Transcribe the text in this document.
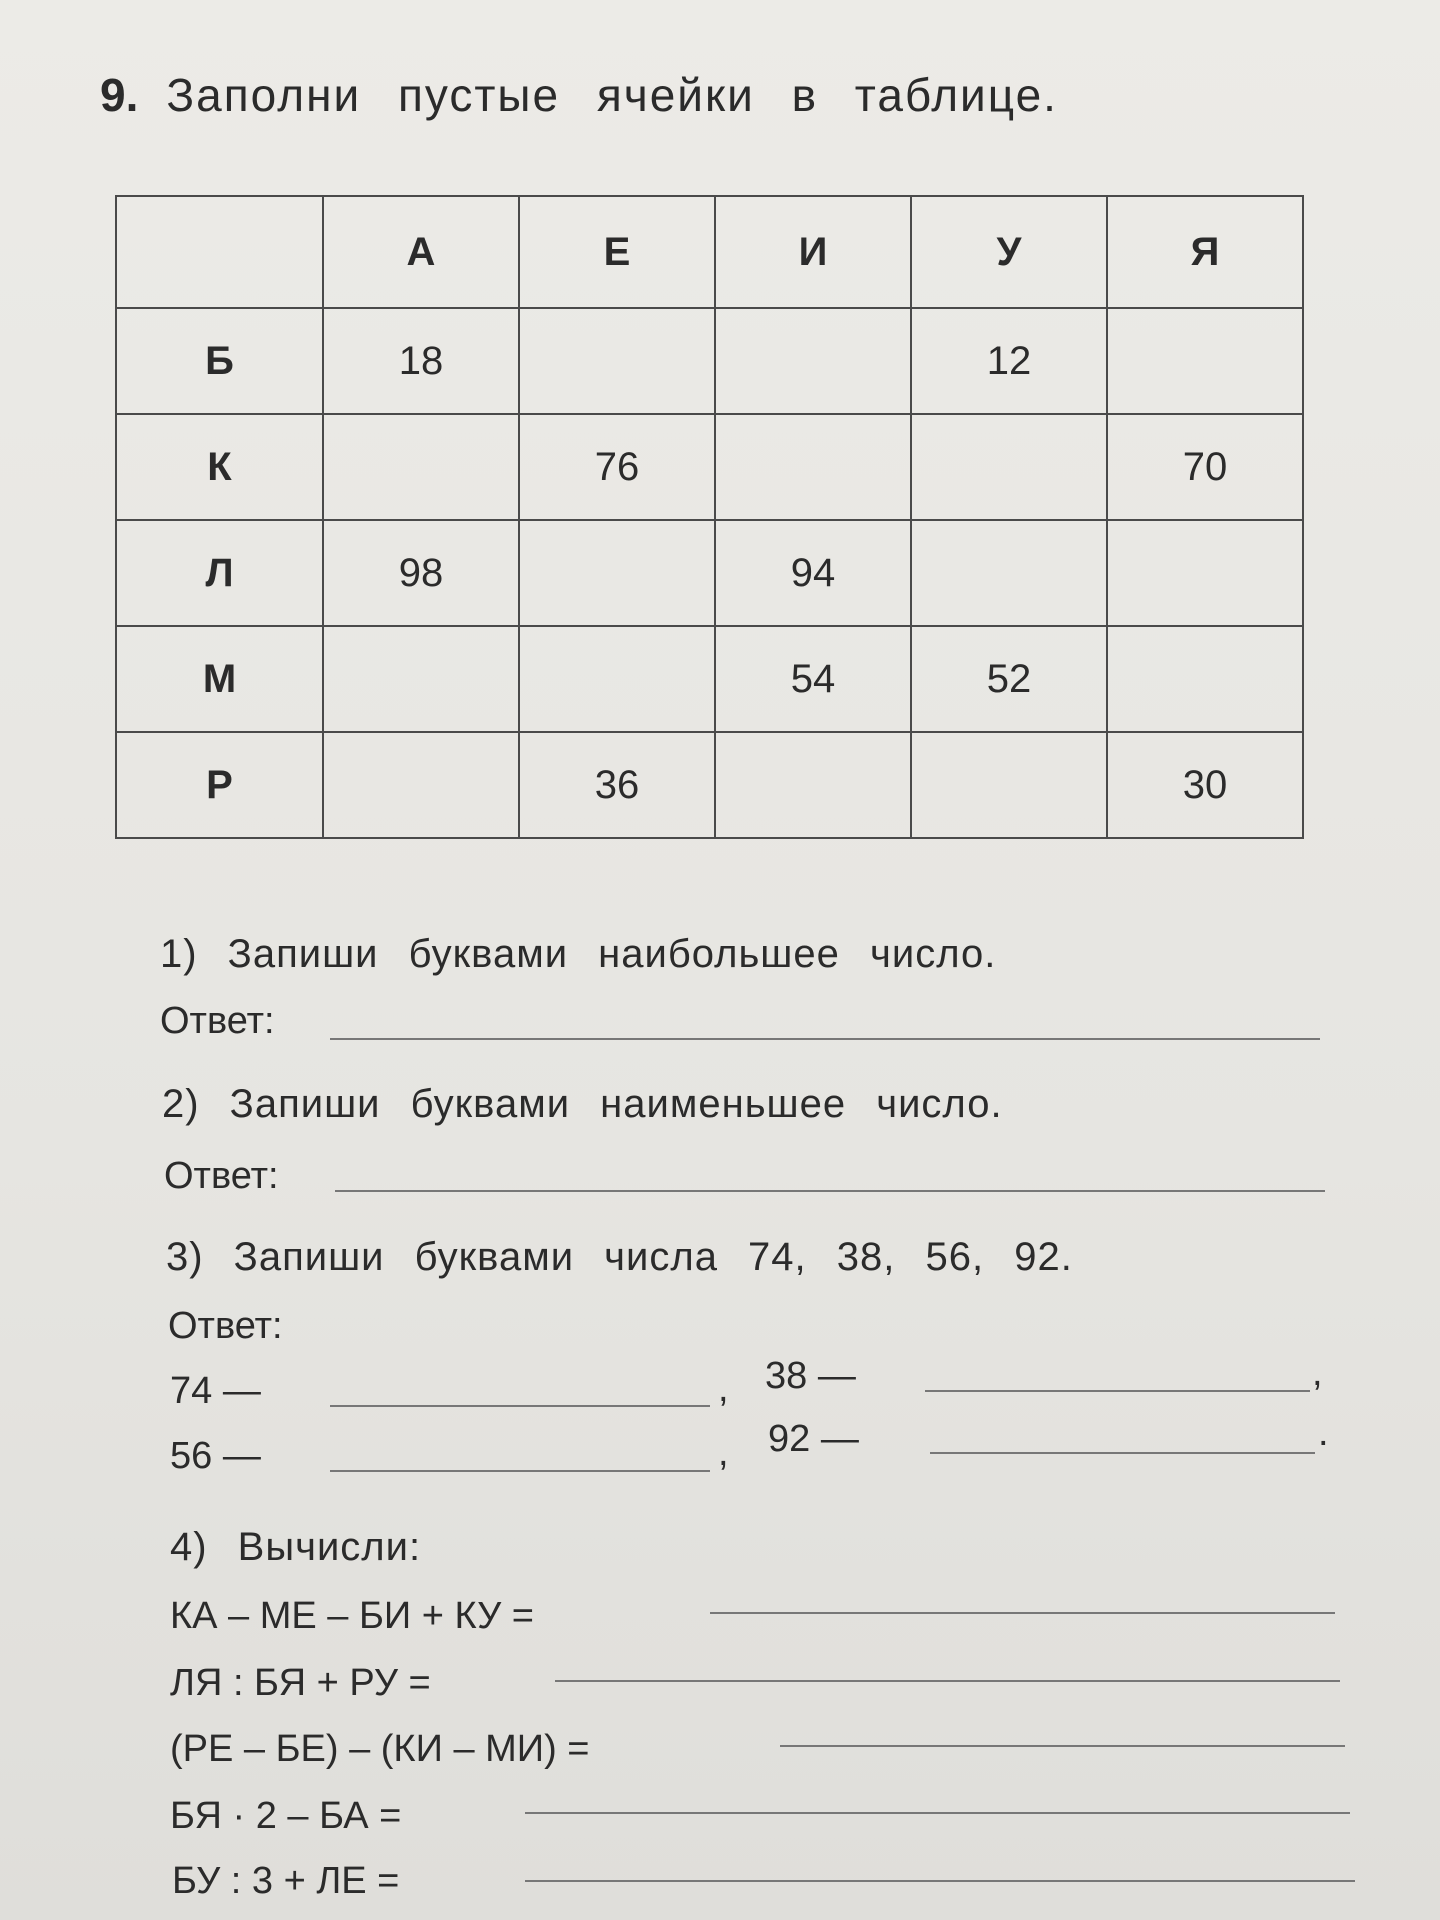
9. Заполни пустые ячейки в таблице.
	А	Е	И	У	Я
Б	18			12	
К		76			70
Л	98		94		
М			54	52	
Р		36			30
1) Запиши буквами наибольшее число.
Ответ:
2) Запиши буквами наименьшее число.
Ответ:
3) Запиши буквами числа 74, 38, 56, 92.
Ответ:
74 —	, 38 —	,
56 —	, 92 —	.
4) Вычисли:
КА – МЕ – БИ + КУ =
ЛЯ : БЯ + РУ =
(РЕ – БЕ) – (КИ – МИ) =
БЯ · 2 – БА =
БУ : 3 + ЛЕ =
